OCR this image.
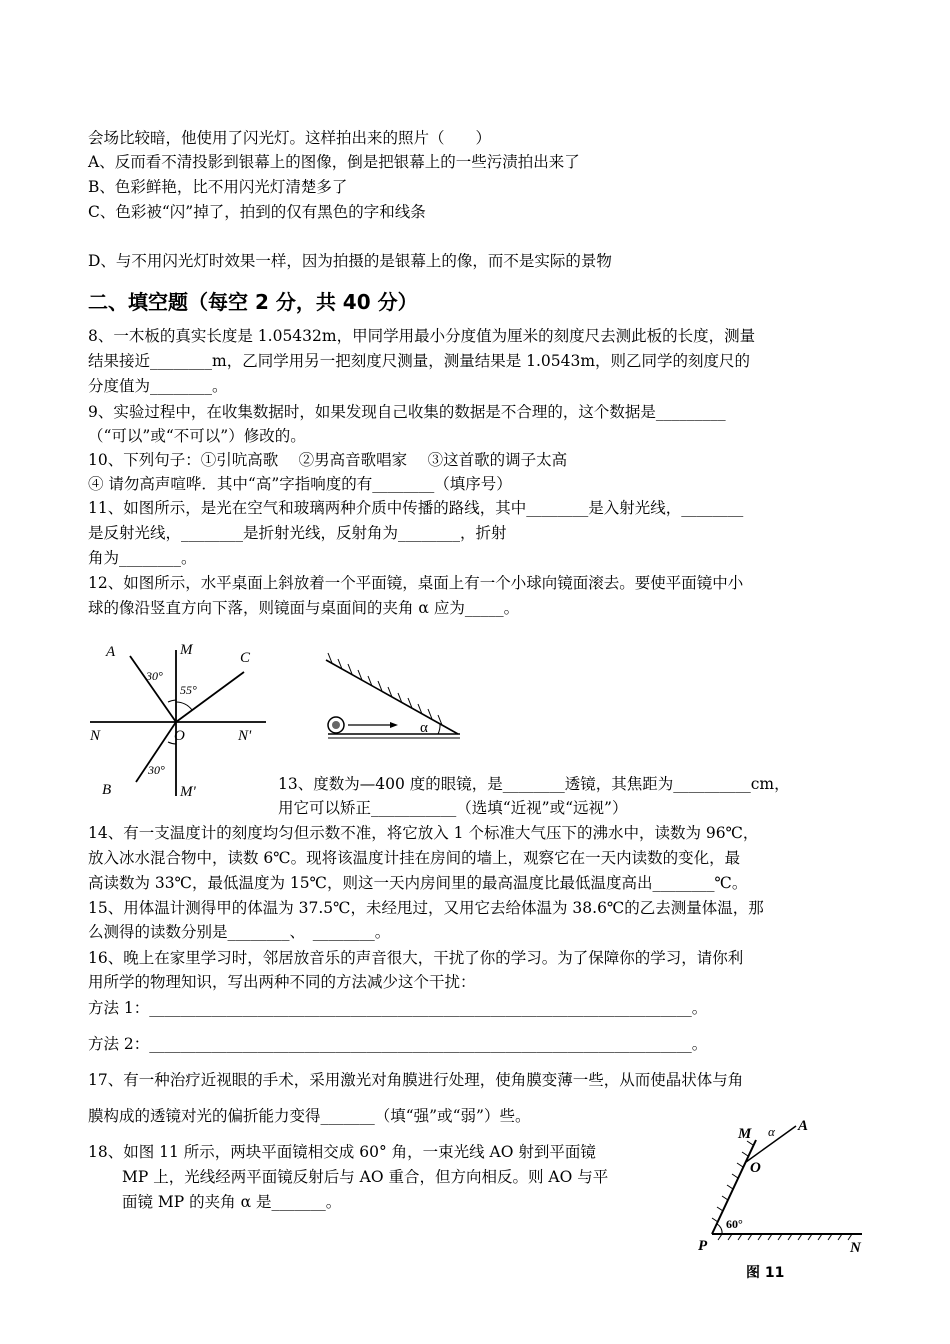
会场比较暗，他使用了闪光灯。这样拍出来的照片（　　）
A、反而看不清投影到银幕上的图像，倒是把银幕上的一些污渍拍出来了
B、色彩鲜艳，比不用闪光灯清楚多了
C、色彩被“闪”掉了，拍到的仅有黑色的字和线条
D、与不用闪光灯时效果一样，因为拍摄的是银幕上的像，而不是实际的景物
二、填空题（每空 2 分，共 40 分）
8、一木板的真实长度是 1.05432m，甲同学用最小分度值为厘米的刻度尺去测此板的长度，测量
结果接近________m，乙同学用另一把刻度尺测量，测量结果是 1.0543m，则乙同学的刻度尺的
分度值为________。
9、实验过程中，在收集数据时，如果发现自己收集的数据是不合理的，这个数据是_________
（“可以”或“不可以”）修改的。
10、下列句子：①引吭高歌　 ②男高音歌唱家　 ③这首歌的调子太高
④ 请勿高声喧哗．其中“高”字指响度的有________（填序号）
11、如图所示，是光在空气和玻璃两种介质中传播的路线，其中________是入射光线，________
是反射光线，________是折射光线，反射角为________，折射
角为________。
12、如图所示，水平桌面上斜放着一个平面镜，桌面上有一个小球向镜面滚去。要使平面镜中小
球的像沿竖直方向下落，则镜面与桌面间的夹角 α 应为_____。
A	M	C
N	O	N'
B	M'
30°
55°
30°
α
13、度数为—400 度的眼镜，是________透镜，其焦距为__________cm，
用它可以矫正___________（选填“近视”或“远视”）
14、有一支温度计的刻度均匀但示数不准，将它放入 1 个标准大气压下的沸水中，读数为 96℃，
放入冰水混合物中，读数 6℃。现将该温度计挂在房间的墙上，观察它在一天内读数的变化，最
高读数为 33℃，最低温度为 15℃，则这一天内房间里的最高温度比最低温度高出________℃。
15、用体温计测得甲的体温为 37.5℃，未经甩过，又用它去给体温为 38.6℃的乙去测量体温，那
么测得的读数分别是________、　________。
16、晚上在家里学习时，邻居放音乐的声音很大，干扰了你的学习。为了保障你的学习，请你利
用所学的物理知识，写出两种不同的方法减少这个干扰：
方法 1：______________________________________________________________________。
方法 2：______________________________________________________________________。
17、有一种治疗近视眼的手术，采用激光对角膜进行处理，使角膜变薄一些，从而使晶状体与角
膜构成的透镜对光的偏折能力变得_______（填“强”或“弱”）些。
18、如图 11 所示，两块平面镜相交成 60° 角，一束光线 AO 射到平面镜
MP 上，光线经两平面镜反射后与 AO 重合，但方向相反。则 AO 与平
面镜 MP 的夹角 α 是_______。
M α A
O
60°
P	N
图 11
